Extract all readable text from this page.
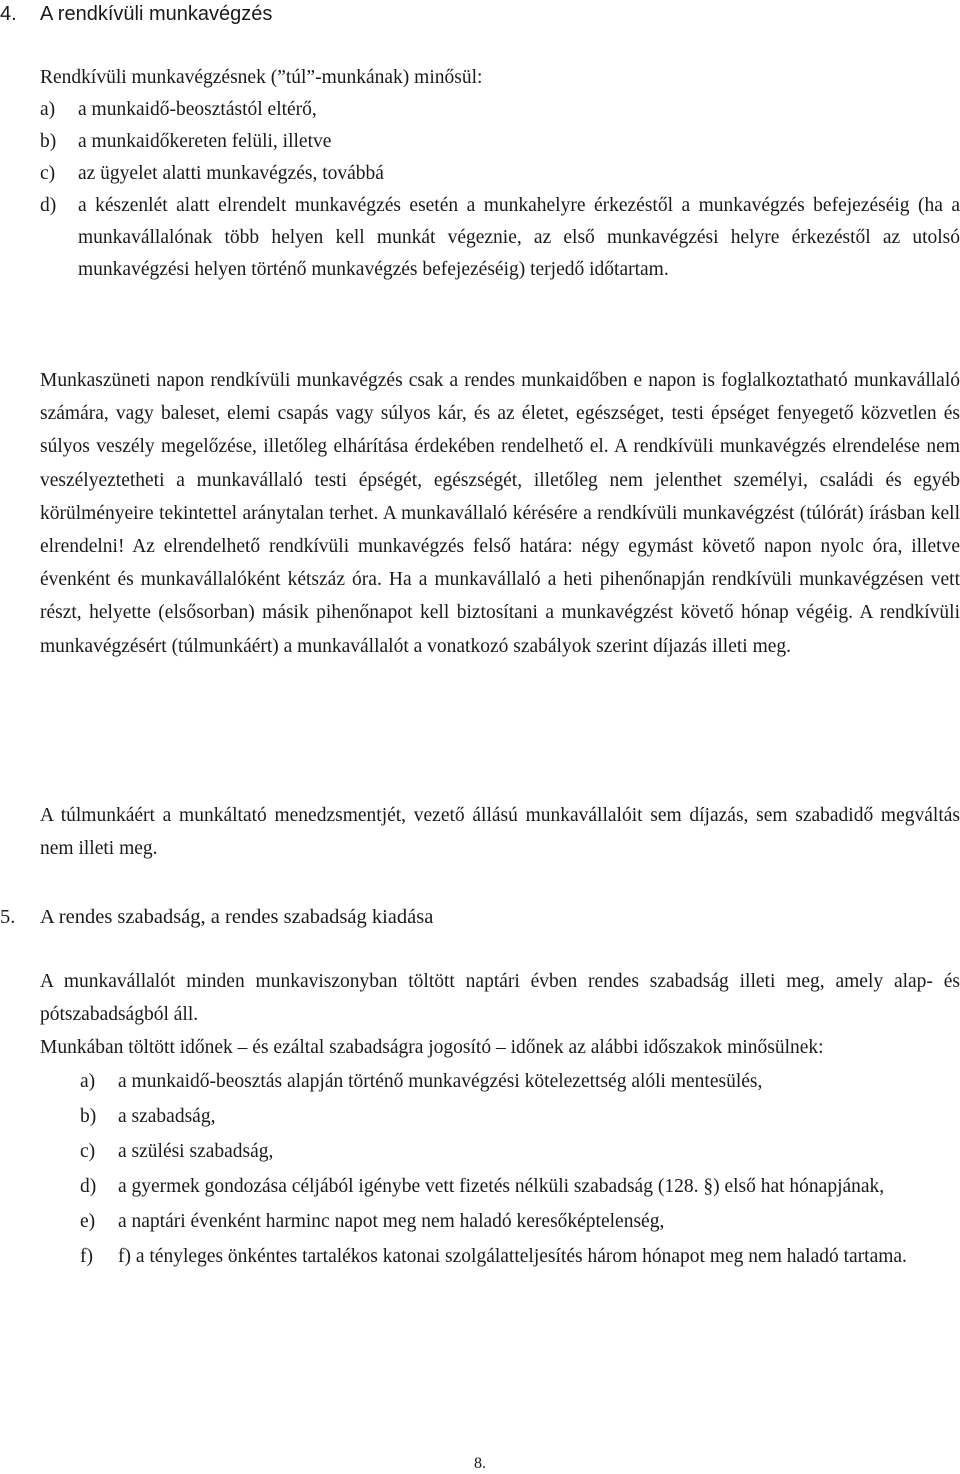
4.	A rendkívüli munkavégzés

Rendkívüli munkavégzésnek (”túl”-munkának) minősül:

a)	a munkaidő-beosztástól eltérő,
b)	a munkaidőkereten felüli, illetve
c)	az ügyelet alatti munkavégzés, továbbá
d)	a készenlét alatt elrendelt munkavégzés esetén a munkahelyre érkezéstől a munkavégzés befejezéséig (ha a munkavállalónak több helyen kell munkát végeznie, az első munkavégzési helyre érkezéstől az utolsó munkavégzési helyen történő munkavégzés befejezéséig) terjedő időtartam.

Munkaszüneti napon rendkívüli munkavégzés csak a rendes munkaidőben e napon is foglalkoztatható munkavállaló számára, vagy baleset, elemi csapás vagy súlyos kár, és az életet, egészséget, testi épséget fenyegető közvetlen és súlyos veszély megelőzése, illetőleg elhárítása érdekében rendelhető el. A rendkívüli munkavégzés elrendelése nem veszélyeztetheti a munkavállaló testi épségét, egészségét, illetőleg nem jelenthet személyi, családi és egyéb körülményeire tekintettel aránytalan terhet. A munkavállaló kérésére a rendkívüli munkavégzést (túlórát) írásban kell elrendelni! Az elrendelhető rendkívüli munkavégzés felső határa: négy egymást követő napon nyolc óra, illetve évenként és munkavállalóként kétszáz óra. Ha a munkavállaló a heti pihenőnapján rendkívüli munkavégzésen vett részt, helyette (elsősorban) másik pihenőnapot kell biztosítani a munkavégzést követő hónap végéig. A rendkívüli munkavégzésért (túlmunkáért) a munkavállalót a vonatkozó szabályok szerint díjazás illeti meg.

A túlmunkáért a munkáltató menedzsmentjét, vezető állású munkavállalóit sem díjazás, sem szabadidő megváltás nem illeti meg.

5.	A rendes szabadság, a rendes szabadság kiadása

A munkavállalót minden munkaviszonyban töltött naptári évben rendes szabadság illeti meg, amely alap- és pótszabadságból áll.

Munkában töltött időnek – és ezáltal szabadságra jogosító – időnek az alábbi időszakok minősülnek:

a)	a munkaidő-beosztás alapján történő munkavégzési kötelezettség alóli mentesülés,
b)	a szabadság,
c)	a szülési szabadság,
d)	a gyermek gondozása céljából igénybe vett fizetés nélküli szabadság (128. §) első hat hónapjának,
e)	a naptári évenként harminc napot meg nem haladó keresőképtelenség,
f)	f) a tényleges önkéntes tartalékos katonai szolgálatteljesítés három hónapot meg nem haladó tartama.
8.
